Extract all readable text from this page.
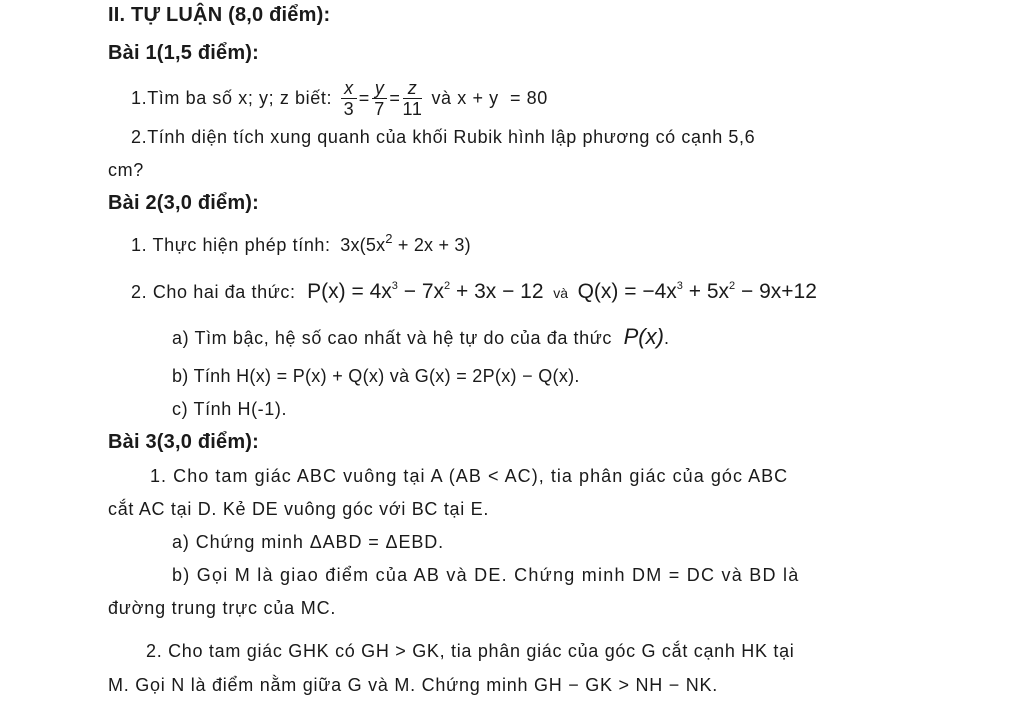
II. TỰ LUẬN (8,0 điểm):
Bài 1(1,5 điểm):
1.Tìm ba số x; y; z biết: $\frac{x}{3} = \frac{y}{7} = \frac{z}{11}$ và x + y  = 80
2.Tính diện tích xung quanh của khối Rubik hình lập phương có cạnh 5,6
cm?
Bài 2(3,0 điểm):
1. Thực hiện phép tính: $3x(5x^2 + 2x + 3)$
2. Cho hai đa thức: $P(x) = 4x^3 - 7x^2 + 3x - 12$  và  $Q(x) = -4x^3 + 5x^2 - 9x+12$
a) Tìm bậc, hệ số cao nhất và hệ tự do của đa thức P(x).
b) Tính H(x) = P(x) + Q(x) và G(x) = 2P(x) − Q(x).
c) Tính H(-1).
Bài 3(3,0 điểm):
1. Cho tam giác ABC vuông tại A (AB < AC), tia phân giác của góc ABC
cắt AC tại D. Kẻ DE vuông góc với BC tại E.
a) Chứng minh ΔABD = ΔEBD.
b) Gọi M là giao điểm của AB và DE. Chứng minh DM = DC và BD là
đường trung trực của MC.
2. Cho tam giác GHK có GH > GK, tia phân giác của góc G cắt cạnh HK tại
M. Gọi N là điểm nằm giữa G và M. Chứng minh GH − GK > NH − NK.
